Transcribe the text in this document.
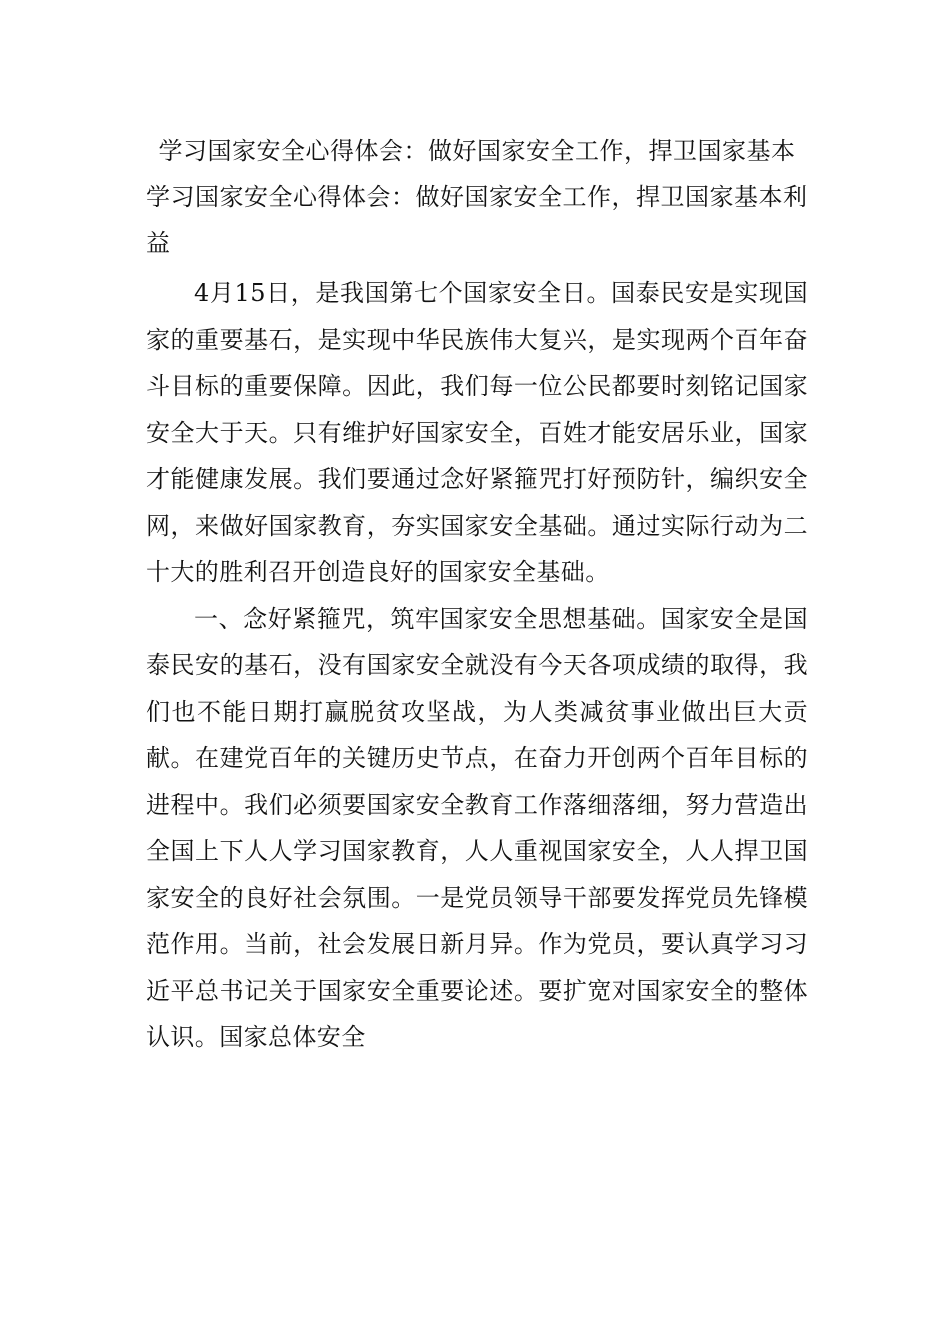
学习国家安全心得体会：做好国家安全工作，捍卫国家基本

学习国家安全心得体会：做好国家安全工作，捍卫国家基本利益

4月15日，是我国第七个国家安全日。国泰民安是实现国家的重要基石，是实现中华民族伟大复兴，是实现两个百年奋斗目标的重要保障。因此，我们每一位公民都要时刻铭记国家安全大于天。只有维护好国家安全，百姓才能安居乐业，国家才能健康发展。我们要通过念好紧箍咒打好预防针，编织安全网，来做好国家教育，夯实国家安全基础。通过实际行动为二十大的胜利召开创造良好的国家安全基础。

一、念好紧箍咒，筑牢国家安全思想基础。国家安全是国泰民安的基石，没有国家安全就没有今天各项成绩的取得，我们也不能日期打赢脱贫攻坚战，为人类减贫事业做出巨大贡献。在建党百年的关键历史节点，在奋力开创两个百年目标的进程中。我们必须要国家安全教育工作落细落细，努力营造出全国上下人人学习国家教育，人人重视国家安全，人人捍卫国家安全的良好社会氛围。一是党员领导干部要发挥党员先锋模范作用。当前，社会发展日新月异。作为党员，要认真学习习近平总书记关于国家安全重要论述。要扩宽对国家安全的整体认识。国家总体安全
